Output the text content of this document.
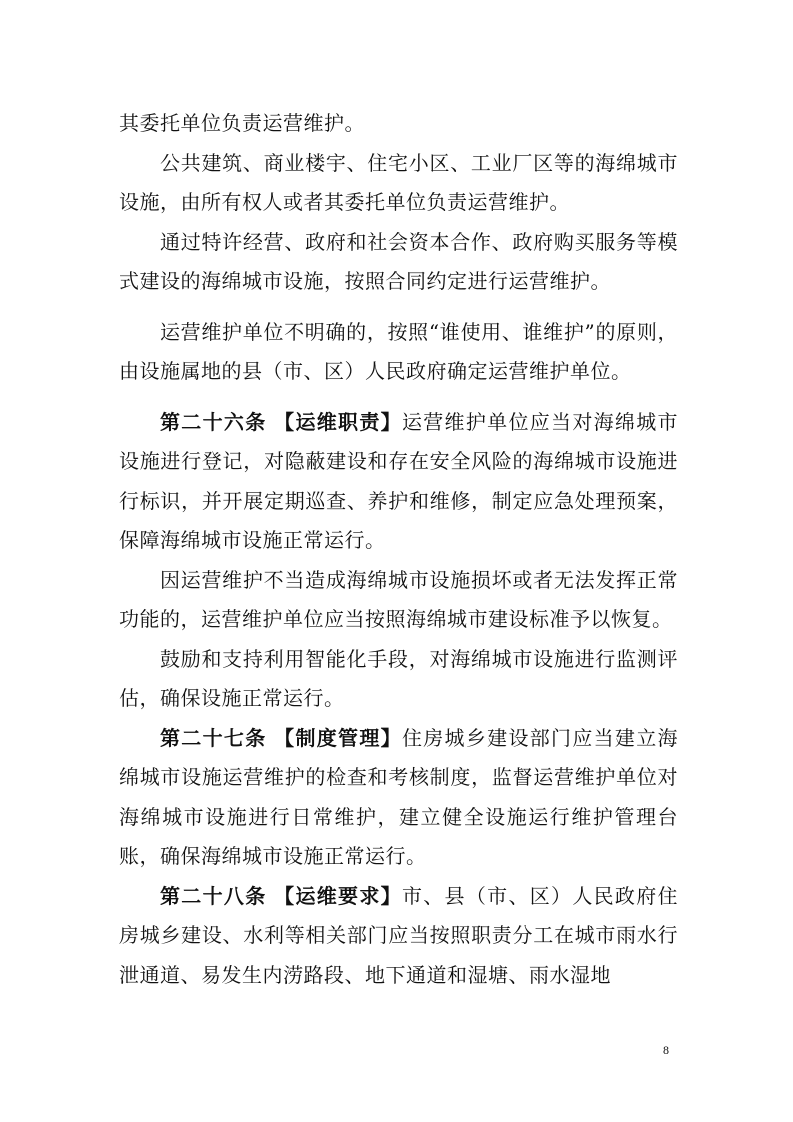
其委托单位负责运营维护。

公共建筑、商业楼宇、住宅小区、工业厂区等的海绵城市设施，由所有权人或者其委托单位负责运营维护。

通过特许经营、政府和社会资本合作、政府购买服务等模式建设的海绵城市设施，按照合同约定进行运营维护。

运营维护单位不明确的，按照“谁使用、谁维护”的原则，由设施属地的县（市、区）人民政府确定运营维护单位。

第二十六条 【运维职责】运营维护单位应当对海绵城市设施进行登记，对隐蔽建设和存在安全风险的海绵城市设施进行标识，并开展定期巡查、养护和维修，制定应急处理预案，保障海绵城市设施正常运行。

因运营维护不当造成海绵城市设施损坏或者无法发挥正常功能的，运营维护单位应当按照海绵城市建设标准予以恢复。

鼓励和支持利用智能化手段，对海绵城市设施进行监测评估，确保设施正常运行。

第二十七条 【制度管理】住房城乡建设部门应当建立海绵城市设施运营维护的检查和考核制度，监督运营维护单位对海绵城市设施进行日常维护，建立健全设施运行维护管理台账，确保海绵城市设施正常运行。

第二十八条 【运维要求】市、县（市、区）人民政府住房城乡建设、水利等相关部门应当按照职责分工在城市雨水行泄通道、易发生内涝路段、地下通道和湿塘、雨水湿地

8
